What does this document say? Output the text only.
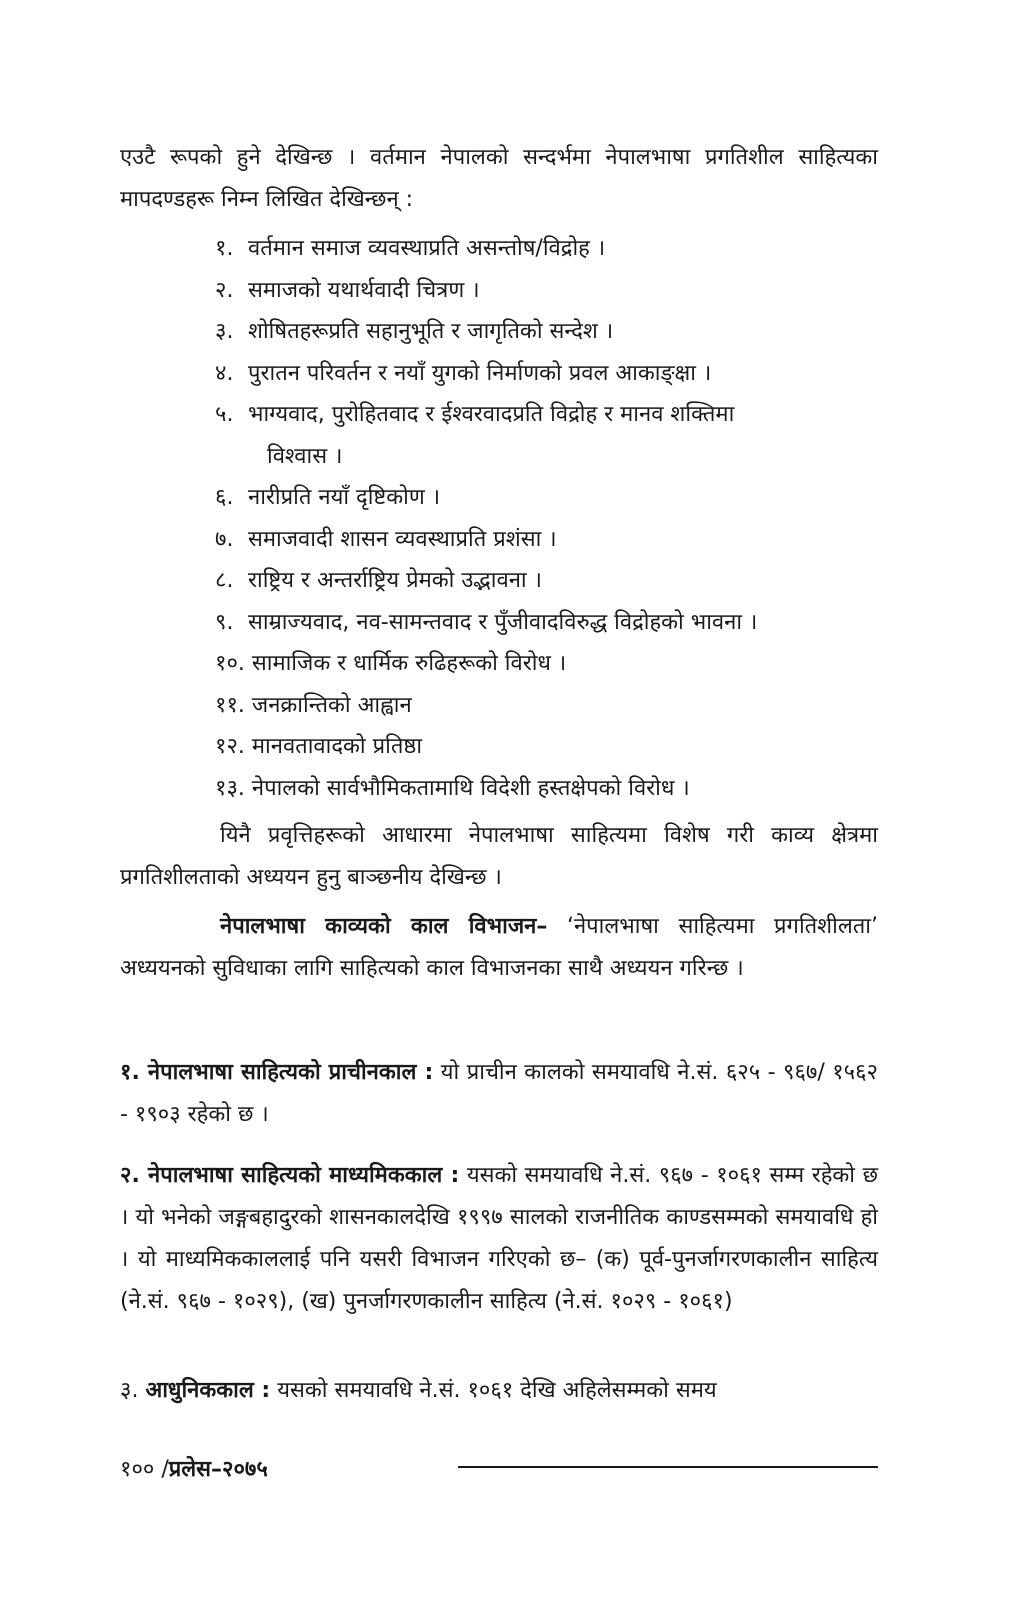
एउटै रूपको हुने देखिन्छ । वर्तमान नेपालको सन्दर्भमा नेपालभाषा प्रगतिशील साहित्यका मापदण्डहरू निम्न लिखित देखिन्छन् :

१. वर्तमान समाज व्यवस्थाप्रति असन्तोष/विद्रोह ।
२. समाजको यथार्थवादी चित्रण ।
३. शोषितहरूप्रति सहानुभूति र जागृतिको सन्देश ।
४. पुरातन परिवर्तन र नयाँ युगको निर्माणको प्रवल आकाङ्क्षा ।
५. भाग्यवाद, पुरोहितवाद र ईश्वरवादप्रति विद्रोह र मानव शक्तिमा
विश्वास ।
६. नारीप्रति नयाँ दृष्टिकोण ।
७. समाजवादी शासन व्यवस्थाप्रति प्रशंसा ।
८. राष्ट्रिय र अन्तर्राष्ट्रिय प्रेमको उद्भावना ।
९. साम्राज्यवाद, नव-सामन्तवाद र पुँजीवादविरुद्ध विद्रोहको भावना ।
१०. सामाजिक र धार्मिक रुढिहरूको विरोध ।
११. जनक्रान्तिको आह्वान
१२. मानवतावादको प्रतिष्ठा
१३. नेपालको सार्वभौमिकतामाथि विदेशी हस्तक्षेपको विरोध ।

यिनै प्रवृत्तिहरूको आधारमा नेपालभाषा साहित्यमा विशेष गरी काव्य क्षेत्रमा प्रगतिशीलताको अध्ययन हुनु बाञ्छनीय देखिन्छ ।

नेपालभाषा काव्यको काल विभाजन– ‘नेपालभाषा साहित्यमा प्रगतिशीलता’ अध्ययनको सुविधाका लागि साहित्यको काल विभाजनका साथै अध्ययन गरिन्छ ।

१. नेपालभाषा साहित्यको प्राचीनकाल : यो प्राचीन कालको समयावधि ने.सं. ६२५ - ९६७/ १५६२ - १९०३ रहेको छ ।

२. नेपालभाषा साहित्यको माध्यमिककाल : यसको समयावधि ने.सं. ९६७ - १०६१ सम्म रहेको छ । यो भनेको जङ्गबहादुरको शासनकालदेखि १९९७ सालको राजनीतिक काण्डसम्मको समयावधि हो । यो माध्यमिककाललाई पनि यसरी विभाजन गरिएको छ– (क) पूर्व-पुनर्जागरणकालीन साहित्य (ने.सं. ९६७ - १०२९), (ख) पुनर्जागरणकालीन साहित्य (ने.सं. १०२९ - १०६१)

३. आधुनिककाल : यसको समयावधि ने.सं. १०६१ देखि अहिलेसम्मको समय

१०० /प्रलेस–२०७५
